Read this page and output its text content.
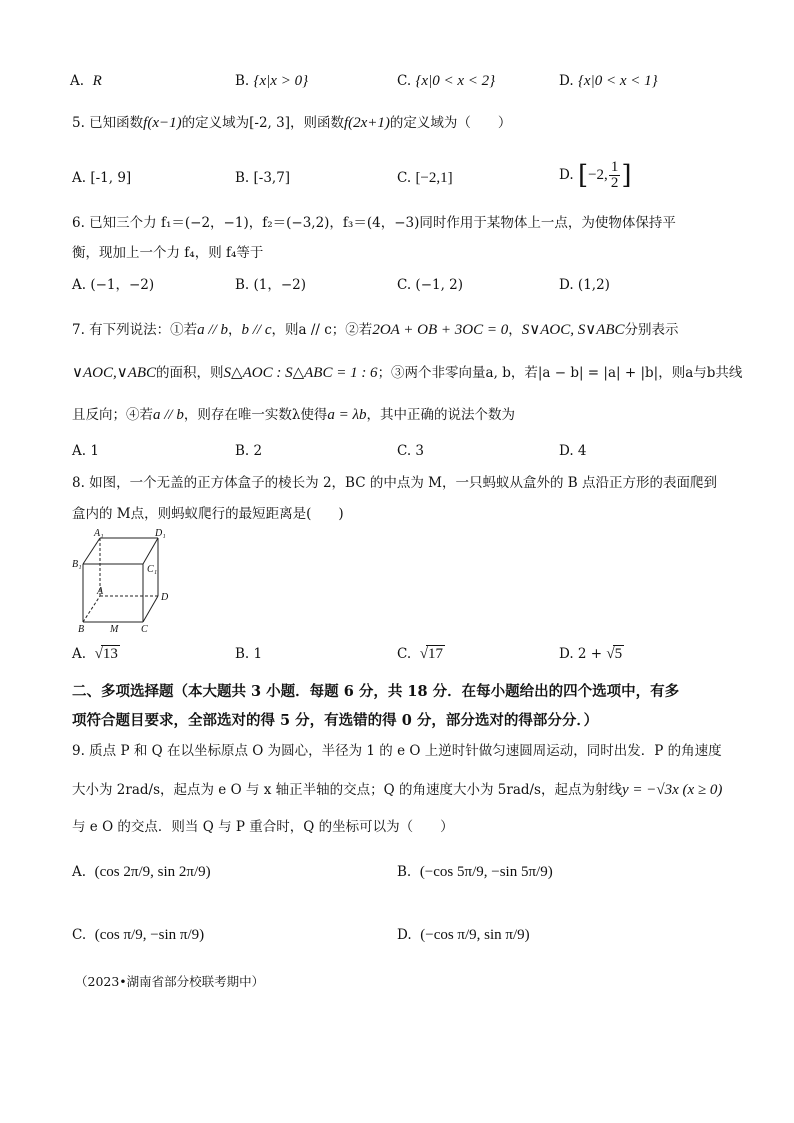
A. R	B. {x|x > 0}	C. {x|0 < x < 2}	D. {x|0 < x < 1}
5. 已知函数f(x−1)的定义域为[-2, 3]，则函数f(2x+1)的定义域为（　　）
A. [-1, 9]	B. [-3,7]	C. [−2,1]	D. [−2, $\frac{1}{2}$ ]
6. 已知三个力 f₁＝(−2，−1)，f₂＝(−3,2)，f₃＝(4，−3)同时作用于某物体上一点，为使物体保持平
衡，现加上一个力 f₄，则 f₄等于
A. (−1，−2)	B. (1，−2)	C. (−1, 2)	D. (1,2)
7. 有下列说法：①若a // b，b // c，则a // c；②若2OA + OB + 3OC = 0，S∨AOC, S∨ABC分别表示
∨AOC,∨ABC的面积，则S△AOC : S△ABC = 1 : 6；③两个非零向量a, b，若|a − b| = |a| + |b|，则a与b共线
且反向；④若a // b，则存在唯一实数λ使得a = λb，其中正确的说法个数为
A. 1	B. 2	C. 3	D. 4
8. 如图，一个无盖的正方体盒子的棱长为 2，BC 的中点为 M，一只蚂蚁从盒外的 B 点沿正方形的表面爬到
盒内的 M点，则蚂蚁爬行的最短距离是(　　)
A₁	D₁
B₁	C₁
A
D
B	M C
A. √13	B. 1	C. √17	D. 2 + √5
二、多项选择题（本大题共 3 小题．每题 6 分，共 18 分．在每小题给出的四个选项中，有多
项符合题目要求，全部选对的得 5 分，有选错的得 0 分，部分选对的得部分分．）
9. 质点 P 和 Q 在以坐标原点 O 为圆心，半径为 1 的 e O 上逆时针做匀速圆周运动，同时出发．P 的角速度
大小为 2rad/s，起点为 e O 与 x 轴正半轴的交点；Q 的角速度大小为 5rad/s，起点为射线y = −√3x (x ≥ 0)
与 e O 的交点．则当 Q 与 P 重合时，Q 的坐标可以为（　　）
A. (cos 2π/9, sin 2π/9)	B. (−cos 5π/9, −sin 5π/9)
C. (cos π/9, −sin π/9)	D. (−cos π/9, sin π/9)
（2023•湖南省部分校联考期中）
